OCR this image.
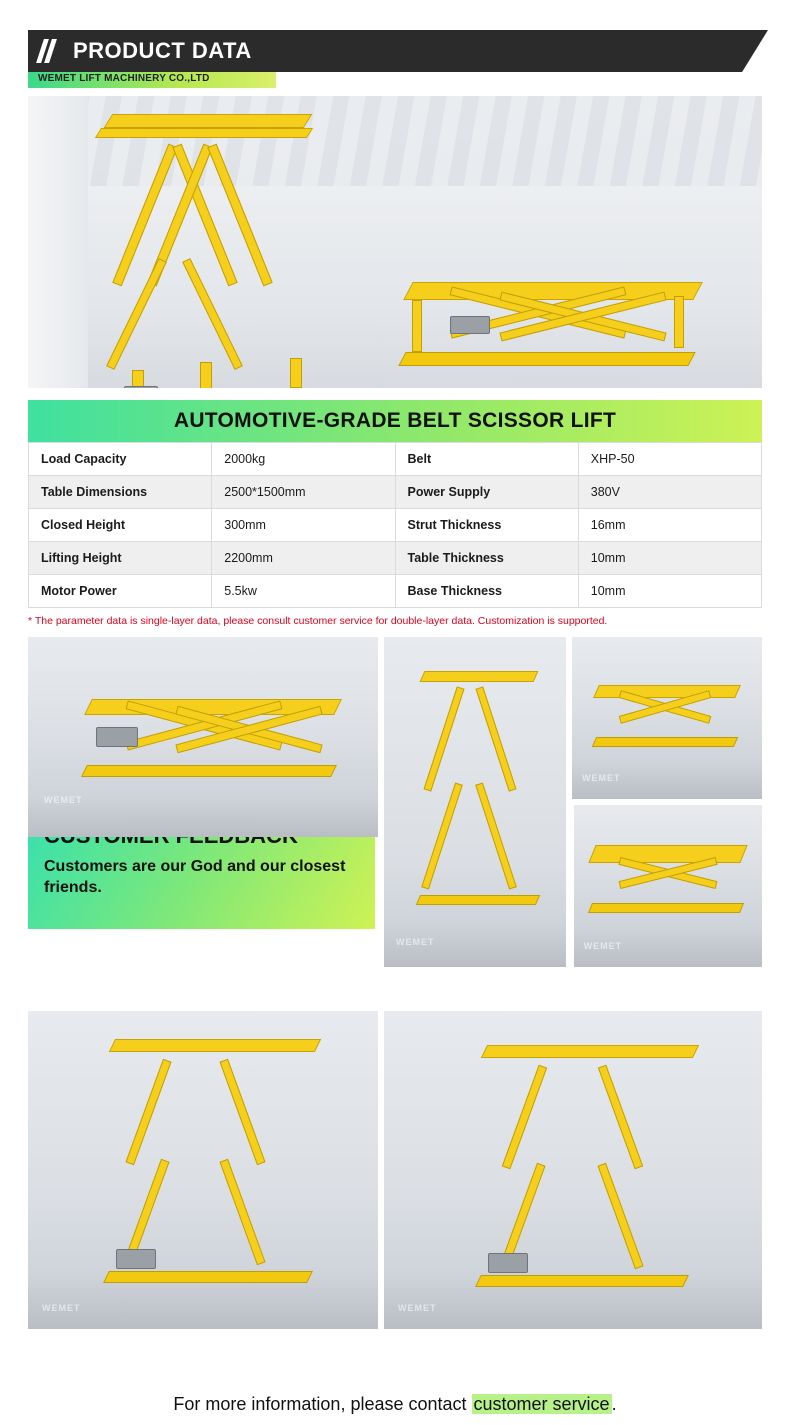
PRODUCT DATA
WEMET LIFT MACHINERY CO.,LTD
AUTOMOTIVE-GRADE BELT SCISSOR LIFT
Load Capacity	2000kg	Belt	XHP-50
Table Dimensions	2500*1500mm	Power Supply	380V
Closed Height	300mm	Strut Thickness	16mm
Lifting Height	2200mm	Table Thickness	10mm
Motor Power	5.5kw	Base Thickness	10mm
* The parameter data is single-layer data, please consult customer service for double-layer data. Customization is supported.
WEMET
WEMET
WEMET

Customers are our God and our closest friends.

WEMET
WEMET	WEMET
For more information, please contact customer service .
